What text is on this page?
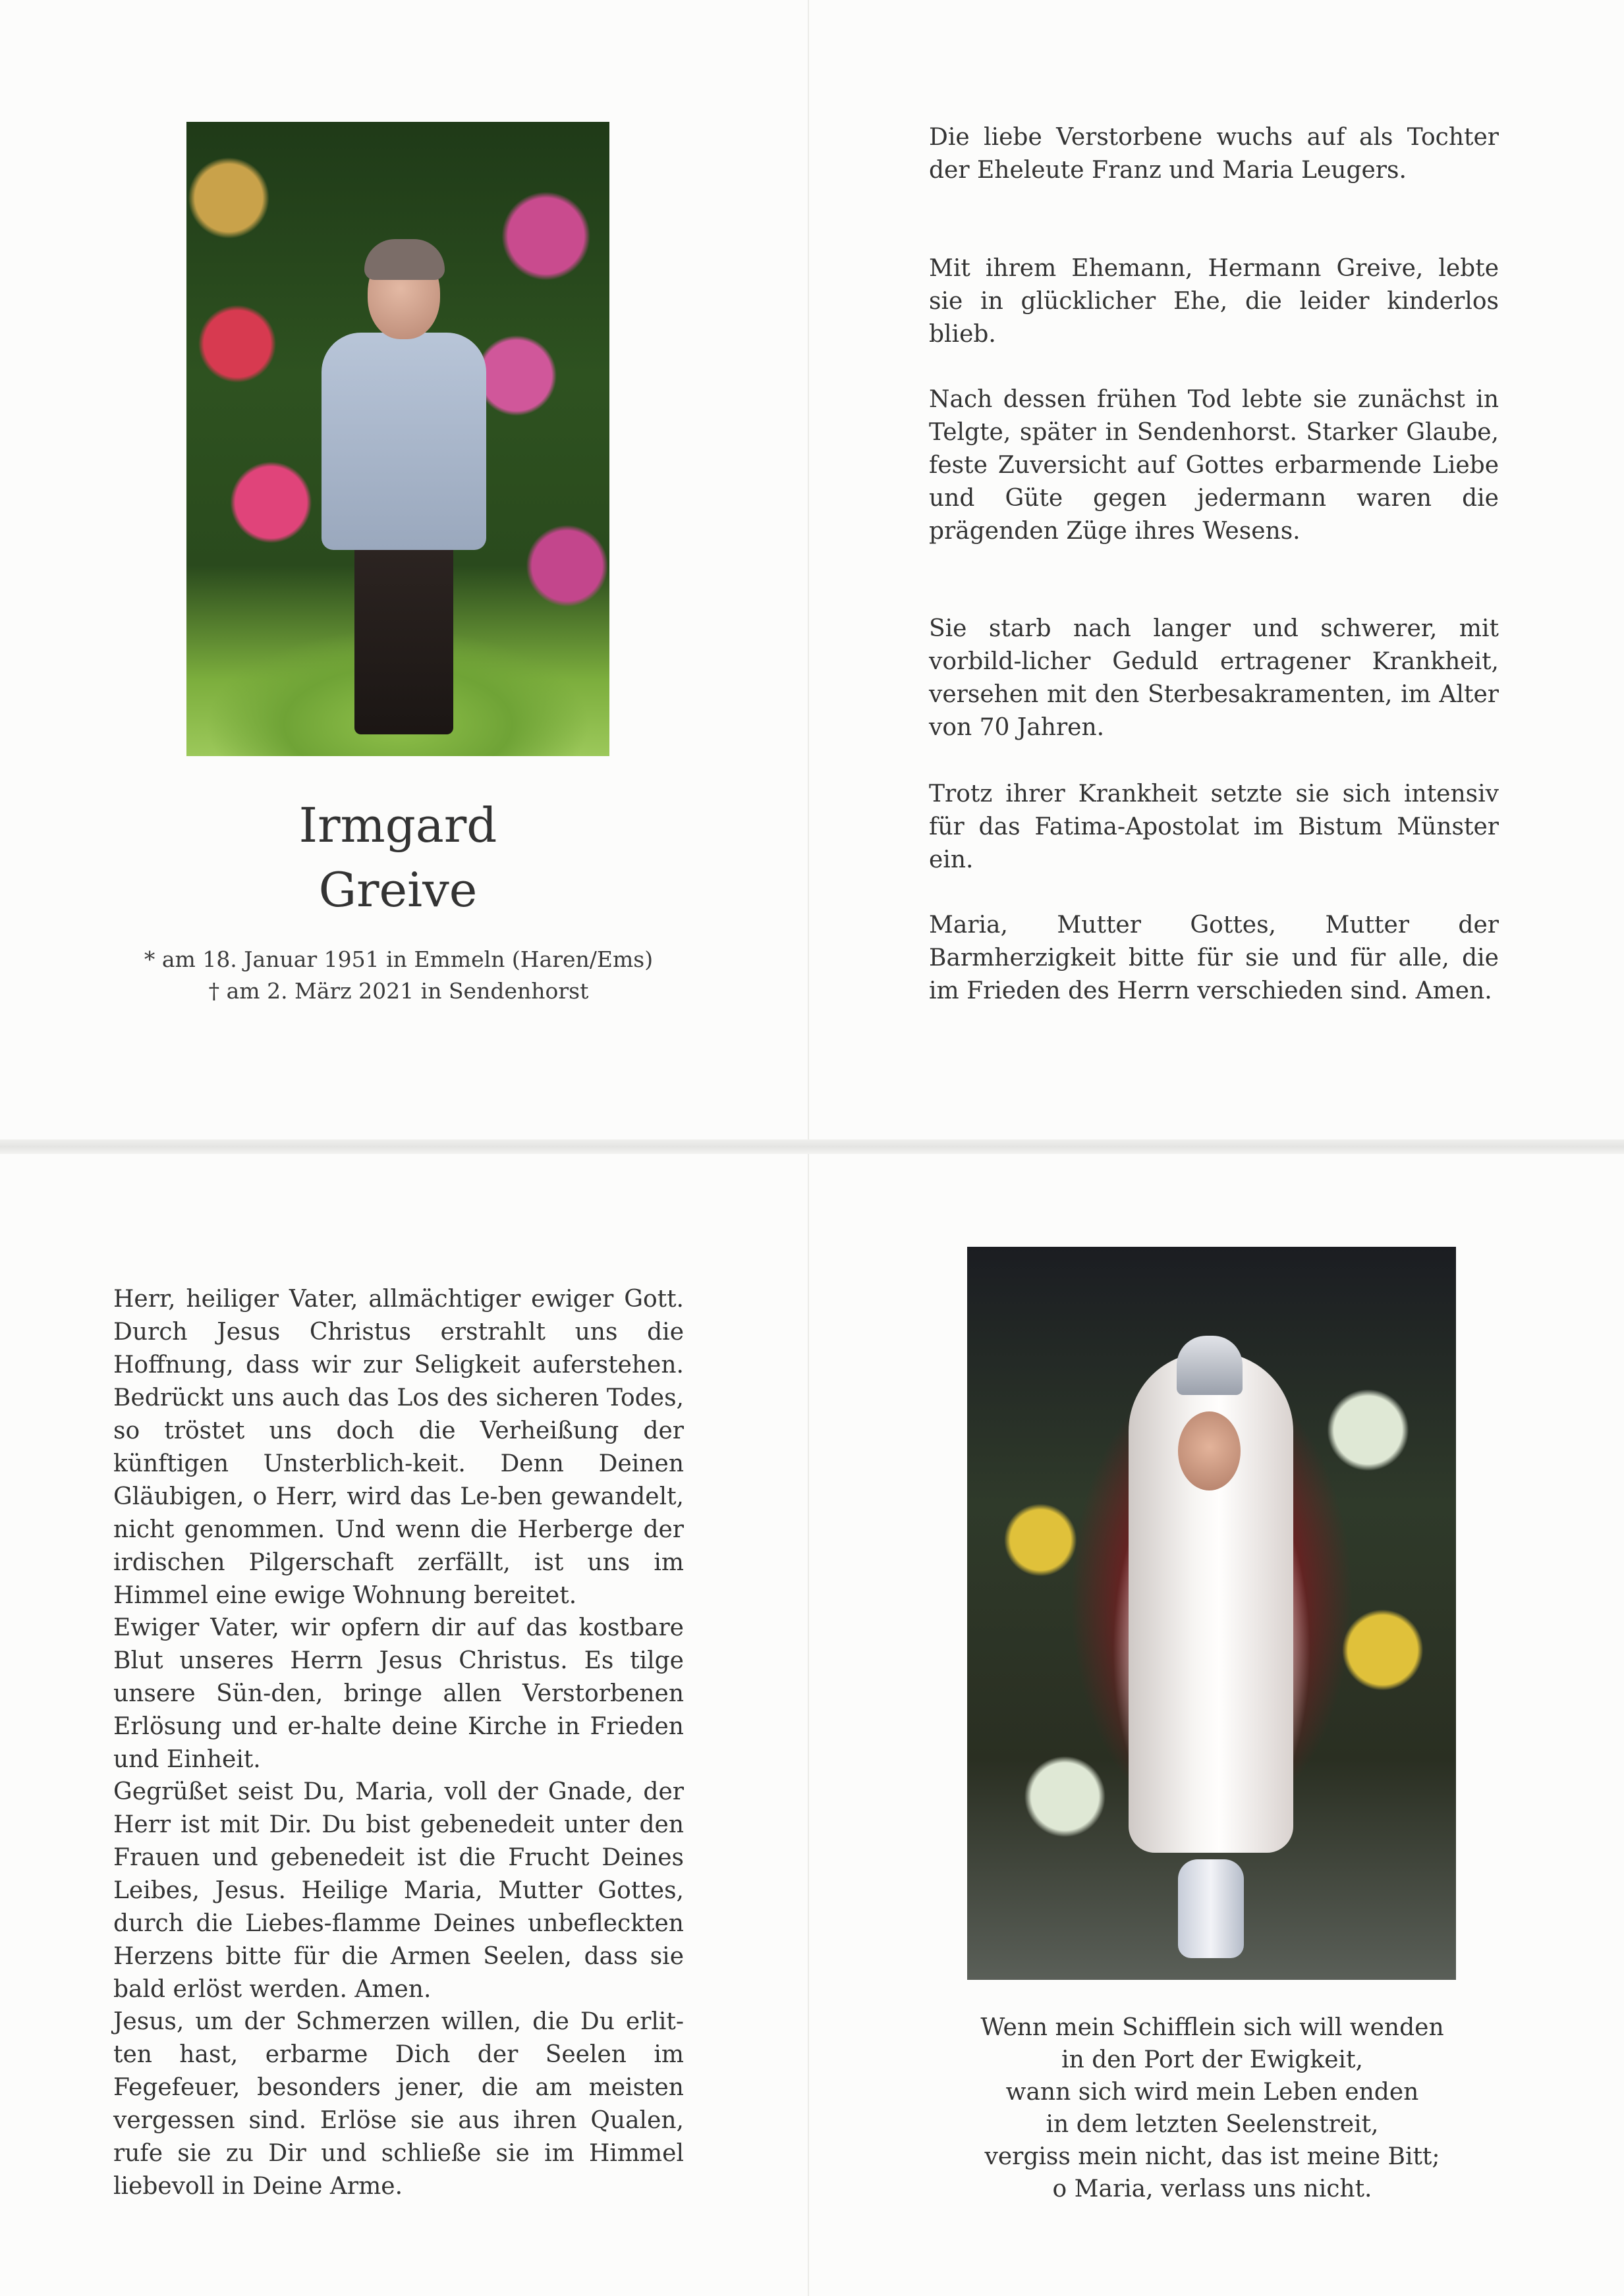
Irmgard
Greive
* am 18. Januar 1951 in Emmeln (Haren/Ems)
† am 2. März 2021 in Sendenhorst

Die liebe Verstorbene wuchs auf als Tochter der Eheleute Franz und Maria Leugers.

Mit ihrem Ehemann, Hermann Greive, lebte sie in glücklicher Ehe, die leider kinderlos blieb.

Nach dessen frühen Tod lebte sie zunächst in Telgte, später in Sendenhorst. Starker Glaube, feste Zuversicht auf Gottes erbarmende Liebe und Güte gegen jedermann waren die prägenden Züge ihres Wesens.

Sie starb nach langer und schwerer, mit vorbild-licher Geduld ertragener Krankheit, versehen mit den Sterbesakramenten, im Alter von 70 Jahren.

Trotz ihrer Krankheit setzte sie sich intensiv für das Fatima-Apostolat im Bistum Münster ein.

Maria, Mutter Gottes, Mutter der Barmherzigkeit bitte für sie und für alle, die im Frieden des Herrn verschieden sind. Amen.

Herr, heiliger Vater, allmächtiger ewiger Gott. Durch Jesus Christus erstrahlt uns die Hoffnung, dass wir zur Seligkeit auferstehen. Bedrückt uns auch das Los des sicheren Todes, so tröstet uns doch die Verheißung der künftigen Unsterblich-keit. Denn Deinen Gläubigen, o Herr, wird das Le-ben gewandelt, nicht genommen. Und wenn die Herberge der irdischen Pilgerschaft zerfällt, ist uns im Himmel eine ewige Wohnung bereitet.

Ewiger Vater, wir opfern dir auf das kostbare Blut unseres Herrn Jesus Christus. Es tilge unsere Sün-den, bringe allen Verstorbenen Erlösung und er-halte deine Kirche in Frieden und Einheit.

Gegrüßet seist Du, Maria, voll der Gnade, der Herr ist mit Dir. Du bist gebenedeit unter den Frauen und gebenedeit ist die Frucht Deines Leibes, Jesus. Heilige Maria, Mutter Gottes, durch die Liebes-flamme Deines unbefleckten Herzens bitte für die Armen Seelen, dass sie bald erlöst werden. Amen.

Jesus, um der Schmerzen willen, die Du erlit-ten hast, erbarme Dich der Seelen im Fegefeuer, besonders jener, die am meisten vergessen sind. Erlöse sie aus ihren Qualen, rufe sie zu Dir und schließe sie im Himmel liebevoll in Deine Arme.

Wenn mein Schifflein sich will wenden
in den Port der Ewigkeit,
wann sich wird mein Leben enden
in dem letzten Seelenstreit,
vergiss mein nicht, das ist meine Bitt;
o Maria, verlass uns nicht.
